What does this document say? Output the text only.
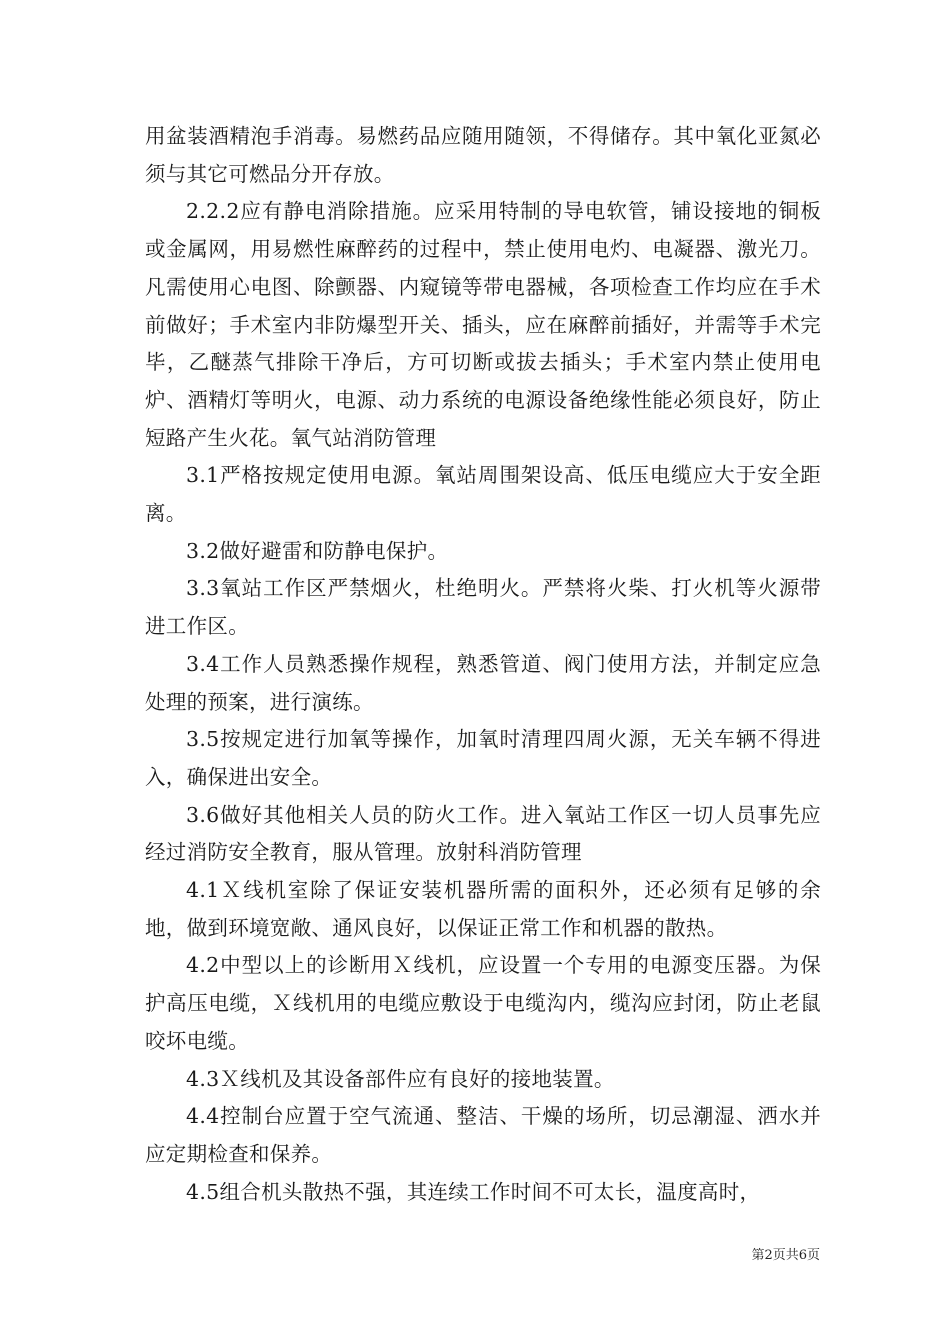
用盆装酒精泡手消毒。易燃药品应随用随领，不得储存。其中氧化亚氮必须与其它可燃品分开存放。

2.2.2应有静电消除措施。应采用特制的导电软管，铺设接地的铜板或金属网，用易燃性麻醉药的过程中，禁止使用电灼、电凝器、激光刀。凡需使用心电图、除颤器、内窥镜等带电器械，各项检查工作均应在手术前做好；手术室内非防爆型开关、插头，应在麻醉前插好，并需等手术完毕，乙醚蒸气排除干净后，方可切断或拔去插头；手术室内禁止使用电炉、酒精灯等明火，电源、动力系统的电源设备绝缘性能必须良好，防止短路产生火花。氧气站消防管理

3.1严格按规定使用电源。氧站周围架设高、低压电缆应大于安全距离。

3.2做好避雷和防静电保护。

3.3氧站工作区严禁烟火，杜绝明火。严禁将火柴、打火机等火源带进工作区。

3.4工作人员熟悉操作规程，熟悉管道、阀门使用方法，并制定应急处理的预案，进行演练。

3.5按规定进行加氧等操作，加氧时清理四周火源，无关车辆不得进入，确保进出安全。

3.6做好其他相关人员的防火工作。进入氧站工作区一切人员事先应经过消防安全教育，服从管理。放射科消防管理

4.1Ｘ线机室除了保证安装机器所需的面积外，还必须有足够的余地，做到环境宽敞、通风良好，以保证正常工作和机器的散热。

4.2中型以上的诊断用Ｘ线机，应设置一个专用的电源变压器。为保护高压电缆，Ｘ线机用的电缆应敷设于电缆沟内，缆沟应封闭，防止老鼠咬坏电缆。

4.3Ｘ线机及其设备部件应有良好的接地装置。

4.4控制台应置于空气流通、整洁、干燥的场所，切忌潮湿、洒水并应定期检查和保养。

4.5组合机头散热不强，其连续工作时间不可太长，温度高时，

第2页共6页
